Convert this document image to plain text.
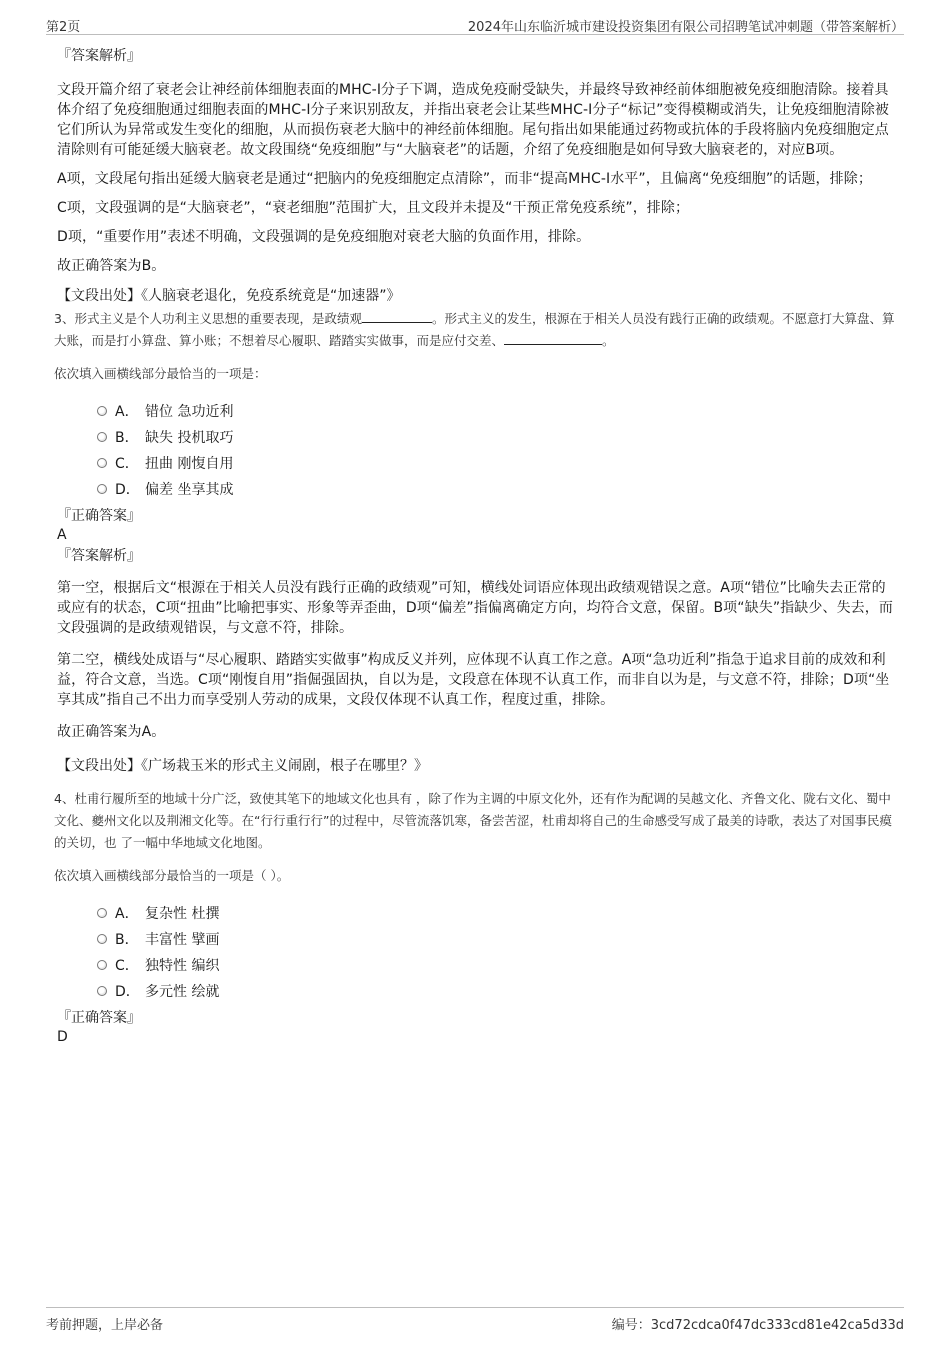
第2页	2024年山东临沂城市建设投资集团有限公司招聘笔试冲刺题（带答案解析）
『答案解析』

文段开篇介绍了衰老会让神经前体细胞表面的MHC-I分子下调，造成免疫耐受缺失，并最终导致神经前体细胞被免疫细胞清除。接着具体介绍了免疫细胞通过细胞表面的MHC-I分子来识别敌友，并指出衰老会让某些MHC-I分子“标记”变得模糊或消失，让免疫细胞清除被它们所认为异常或发生变化的细胞，从而损伤衰老大脑中的神经前体细胞。尾句指出如果能通过药物或抗体的手段将脑内免疫细胞定点清除则有可能延缓大脑衰老。故文段围绕“免疫细胞”与“大脑衰老”的话题，介绍了免疫细胞是如何导致大脑衰老的，对应B项。

A项，文段尾句指出延缓大脑衰老是通过“把脑内的免疫细胞定点清除”，而非“提高MHC-I水平”，且偏离“免疫细胞”的话题，排除；

C项，文段强调的是“大脑衰老”，“衰老细胞”范围扩大，且文段并未提及“干预正常免疫系统”，排除；

D项，“重要作用”表述不明确，文段强调的是免疫细胞对衰老大脑的负面作用，排除。

故正确答案为B。

【文段出处】《人脑衰老退化，免疫系统竟是“加速器”》
3、形式主义是个人功利主义思想的重要表现，是政绩观	。形式主义的发生，根源在于相关人员没有践行正确的政绩观。不愿意打大算盘、算大账，而是打小算盘、算小账；不想着尽心履职、踏踏实实做事，而是应付交差、	。
依次填入画横线部分最恰当的一项是：
A． 错位 急功近利
B． 缺失 投机取巧
C． 扭曲 刚愎自用
D． 偏差 坐享其成
『正确答案』
A
『答案解析』

第一空，根据后文“根源在于相关人员没有践行正确的政绩观”可知，横线处词语应体现出政绩观错误之意。A项“错位”比喻失去正常的或应有的状态，C项“扭曲”比喻把事实、形象等弄歪曲，D项“偏差”指偏离确定方向，均符合文意，保留。B项“缺失”指缺少、失去，而文段强调的是政绩观错误，与文意不符，排除。

第二空，横线处成语与“尽心履职、踏踏实实做事”构成反义并列，应体现不认真工作之意。A项“急功近利”指急于追求目前的成效和利益，符合文意，当选。C项“刚愎自用”指倔强固执，自以为是，文段意在体现不认真工作，而非自以为是，与文意不符，排除；D项“坐享其成”指自己不出力而享受别人劳动的成果，文段仅体现不认真工作，程度过重，排除。

故正确答案为A。

【文段出处】《广场栽玉米的形式主义闹剧，根子在哪里？》
4、杜甫行履所至的地域十分广泛，致使其笔下的地域文化也具有 ，除了作为主调的中原文化外，还有作为配调的吴越文化、齐鲁文化、陇右文化、蜀中文化、夔州文化以及荆湘文化等。在“行行重行行”的过程中，尽管流落饥寒，备尝苦涩，杜甫却将自己的生命感受写成了最美的诗歌，表达了对国事民瘼的关切，也 了一幅中华地域文化地图。
依次填入画横线部分最恰当的一项是（ ）。
A． 复杂性 杜撰
B． 丰富性 擘画
C． 独特性 编织
D． 多元性 绘就
『正确答案』
D
考前押题，上岸必备	编号：3cd72cdca0f47dc333cd81e42ca5d33d
